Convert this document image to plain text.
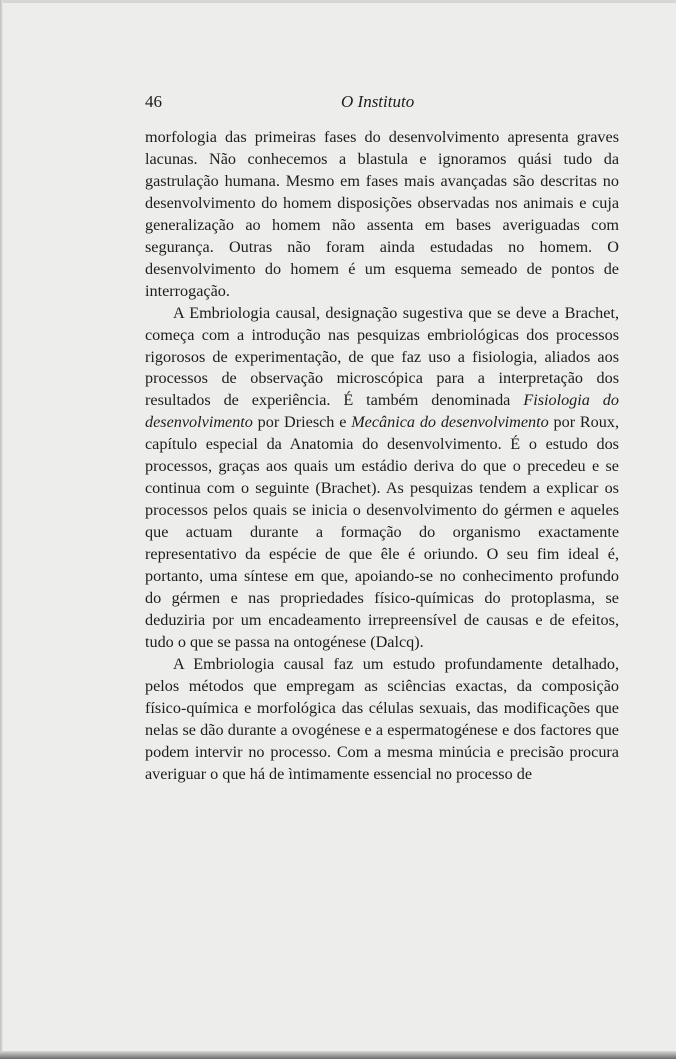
46	O Instituto

morfologia das primeiras fases do desenvolvimento apresenta graves lacunas. Não conhecemos a blastula e ignoramos quási tudo da gastrulação humana. Mesmo em fases mais avançadas são descritas no desenvolvimento do homem disposições observadas nos animais e cuja generalização ao homem não assenta em bases averiguadas com segurança. Outras não foram ainda estudadas no homem. O desenvolvimento do homem é um esquema semeado de pontos de interrogação.

A Embriologia causal, designação sugestiva que se deve a Brachet, começa com a introdução nas pesquizas embriológicas dos processos rigorosos de experimentação, de que faz uso a fisiologia, aliados aos processos de observação microscópica para a interpretação dos resultados de experiência. É também denominada Fisiologia do desenvolvimento por Driesch e Mecânica do desenvolvimento por Roux, capítulo especial da Anatomia do desenvolvimento. É o estudo dos processos, graças aos quais um estádio deriva do que o precedeu e se continua com o seguinte (Brachet). As pesquizas tendem a explicar os processos pelos quais se inicia o desenvolvimento do gérmen e aqueles que actuam durante a formação do organismo exactamente representativo da espécie de que êle é oriundo. O seu fim ideal é, portanto, uma síntese em que, apoiando-se no conhecimento profundo do gérmen e nas propriedades físico-químicas do protoplasma, se deduziria por um encadeamento irrepreensível de causas e de efeitos, tudo o que se passa na ontogénese (Dalcq).

A Embriologia causal faz um estudo profundamente detalhado, pelos métodos que empregam as sciências exactas, da composição físico-química e morfológica das células sexuais, das modificações que nelas se dão durante a ovogénese e a espermatogénese e dos factores que podem intervir no processo. Com a mesma minúcia e precisão procura averiguar o que há de ìntimamente essencial no processo de
